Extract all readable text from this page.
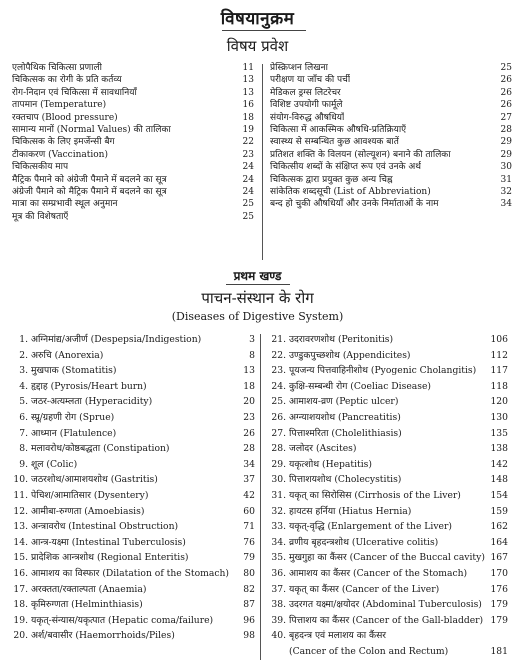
विषयानुक्रम
विषय प्रवेश
एलोपैथिक चिकित्सा प्रणाली	11
चिकित्सक का रोगी के प्रति कर्तव्य	13
रोग-निदान एवं चिकित्सा में सावधानियाँ	13
तापमान (Temperature)	16
रक्तचाप (Blood pressure)	18
सामान्य मानों (Normal Values) की तालिका	19
चिकित्सक के लिए इमर्जेन्सी बैग	22
टीकाकरण (Vaccination)	23
चिकित्सकीय माप	24
मैट्रिक पैमाने को अंग्रेजी पैमाने में बदलने का सूत्र	24
अंग्रेजी पैमाने को मैट्रिक पैमाने में बदलने का सूत्र	24
मात्रा का सम्प्रभावी स्थूल अनुमान	25
मूत्र की विशेषताएँ	25
प्रेस्क्रिप्शन लिखना	25
परीक्षण या जाँच की पर्ची	26
मेडिकल ड्रग्स लिटरेचर	26
विशिष्ट उपयोगी फार्मूले	26
संयोग-विरुद्ध औषधियाँ	27
चिकित्सा में आकस्मिक औषधि-प्रतिक्रियाएँ	28
स्वास्थ्य से सम्बन्धित कुछ आवश्यक बातें	29
प्रतिशत शक्ति के विलयन (सोल्यूशन) बनाने की तालिका	29
चिकित्सीय शब्दों के संक्षिप्त रूप एवं उनके अर्थ	30
चिकित्सक द्वारा प्रयुक्त कुछ अन्य चिह्न	31
सांकेतिक शब्दसूची (List of Abbreviation)	32
बन्द हो चुकी औषधियाँ और उनके निर्माताओं के नाम	34
प्रथम खण्ड
पाचन-संस्थान के रोग
(Diseases of Digestive System)
1. अग्निमांद्य/अजीर्ण (Despepsia/Indigestion)	3
2. अरुचि (Anorexia)	8
3. मुखपाक (Stomatitis)	13
4. हृद्दाह (Pyrosis/Heart burn)	18
5. जठर-अत्यम्लता (Hyperacidity)	20
6. स्प्रू/ग्रहणी रोग (Sprue)	23
7. आध्मान (Flatulence)	26
8. मलावरोध/कोष्ठबद्धता (Constipation)	28
9. शूल (Colic)	34
10. जठरशोथ/आमाशयशोथ (Gastritis)	37
11. पेचिश/आमातिसार (Dysentery)	42
12. आमीबा-रुग्णता (Amoebiasis)	60
13. अन्त्रावरोध (Intestinal Obstruction)	71
14. आन्त्र-यक्ष्मा (Intestinal Tuberculosis)	76
15. प्रादेशिक आन्त्रशोथ (Regional Enteritis)	79
16. आमाशय का विस्फार (Dilatation of the Stomach)	80
17. अरक्तता/रक्ताल्पता (Anaemia)	82
18. कृमिरुग्णता (Helminthiasis)	87
19. यकृत्-संन्यास/यकृत्पात (Hepatic coma/failure)	96
20. अर्श/बवासीर (Haemorrhoids/Piles)	98
21. उदरावरणशोथ (Peritonitis)	106
22. उण्डुकपुच्छशोथ (Appendicites)	112
23. पूयजन्य पित्तवाहिनीशोथ (Pyogenic Cholangitis)	117
24. कुक्षि-सम्बन्धी रोग (Coeliac Disease)	118
25. आमाशय-व्रण (Peptic ulcer)	120
26. अग्न्याशयशोथ (Pancreatitis)	130
27. पित्ताश्मरिता (Cholelithiasis)	135
28. जलोदर (Ascites)	138
29. यकृत्शोथ (Hepatitis)	142
30. पित्ताशयशोथ (Cholecystitis)	148
31. यकृत् का सिरोसिस (Cirrhosis of the Liver)	154
32. हायटस हर्निया (Hiatus Hernia)	159
33. यकृत्-वृद्धि (Enlargement of the Liver)	162
34. व्रणीय बृहदन्त्रशोथ (Ulcerative colitis)	164
35. मुखगुहा का कैंसर (Cancer of the Buccal cavity) 167
36. आमाशय का कैंसर (Cancer of the Stomach)	170
37. यकृत् का कैंसर (Cancer of the Liver)	176
38. उदरगत यक्ष्मा/क्षयोदर (Abdominal Tuberculosis) 179
39. पित्ताशय का कैंसर (Cancer of the Gall-bladder) 179
40. बृहदन्त्र एवं मलाशय का कैंसर
(Cancer of the Colon and Rectum)	181
